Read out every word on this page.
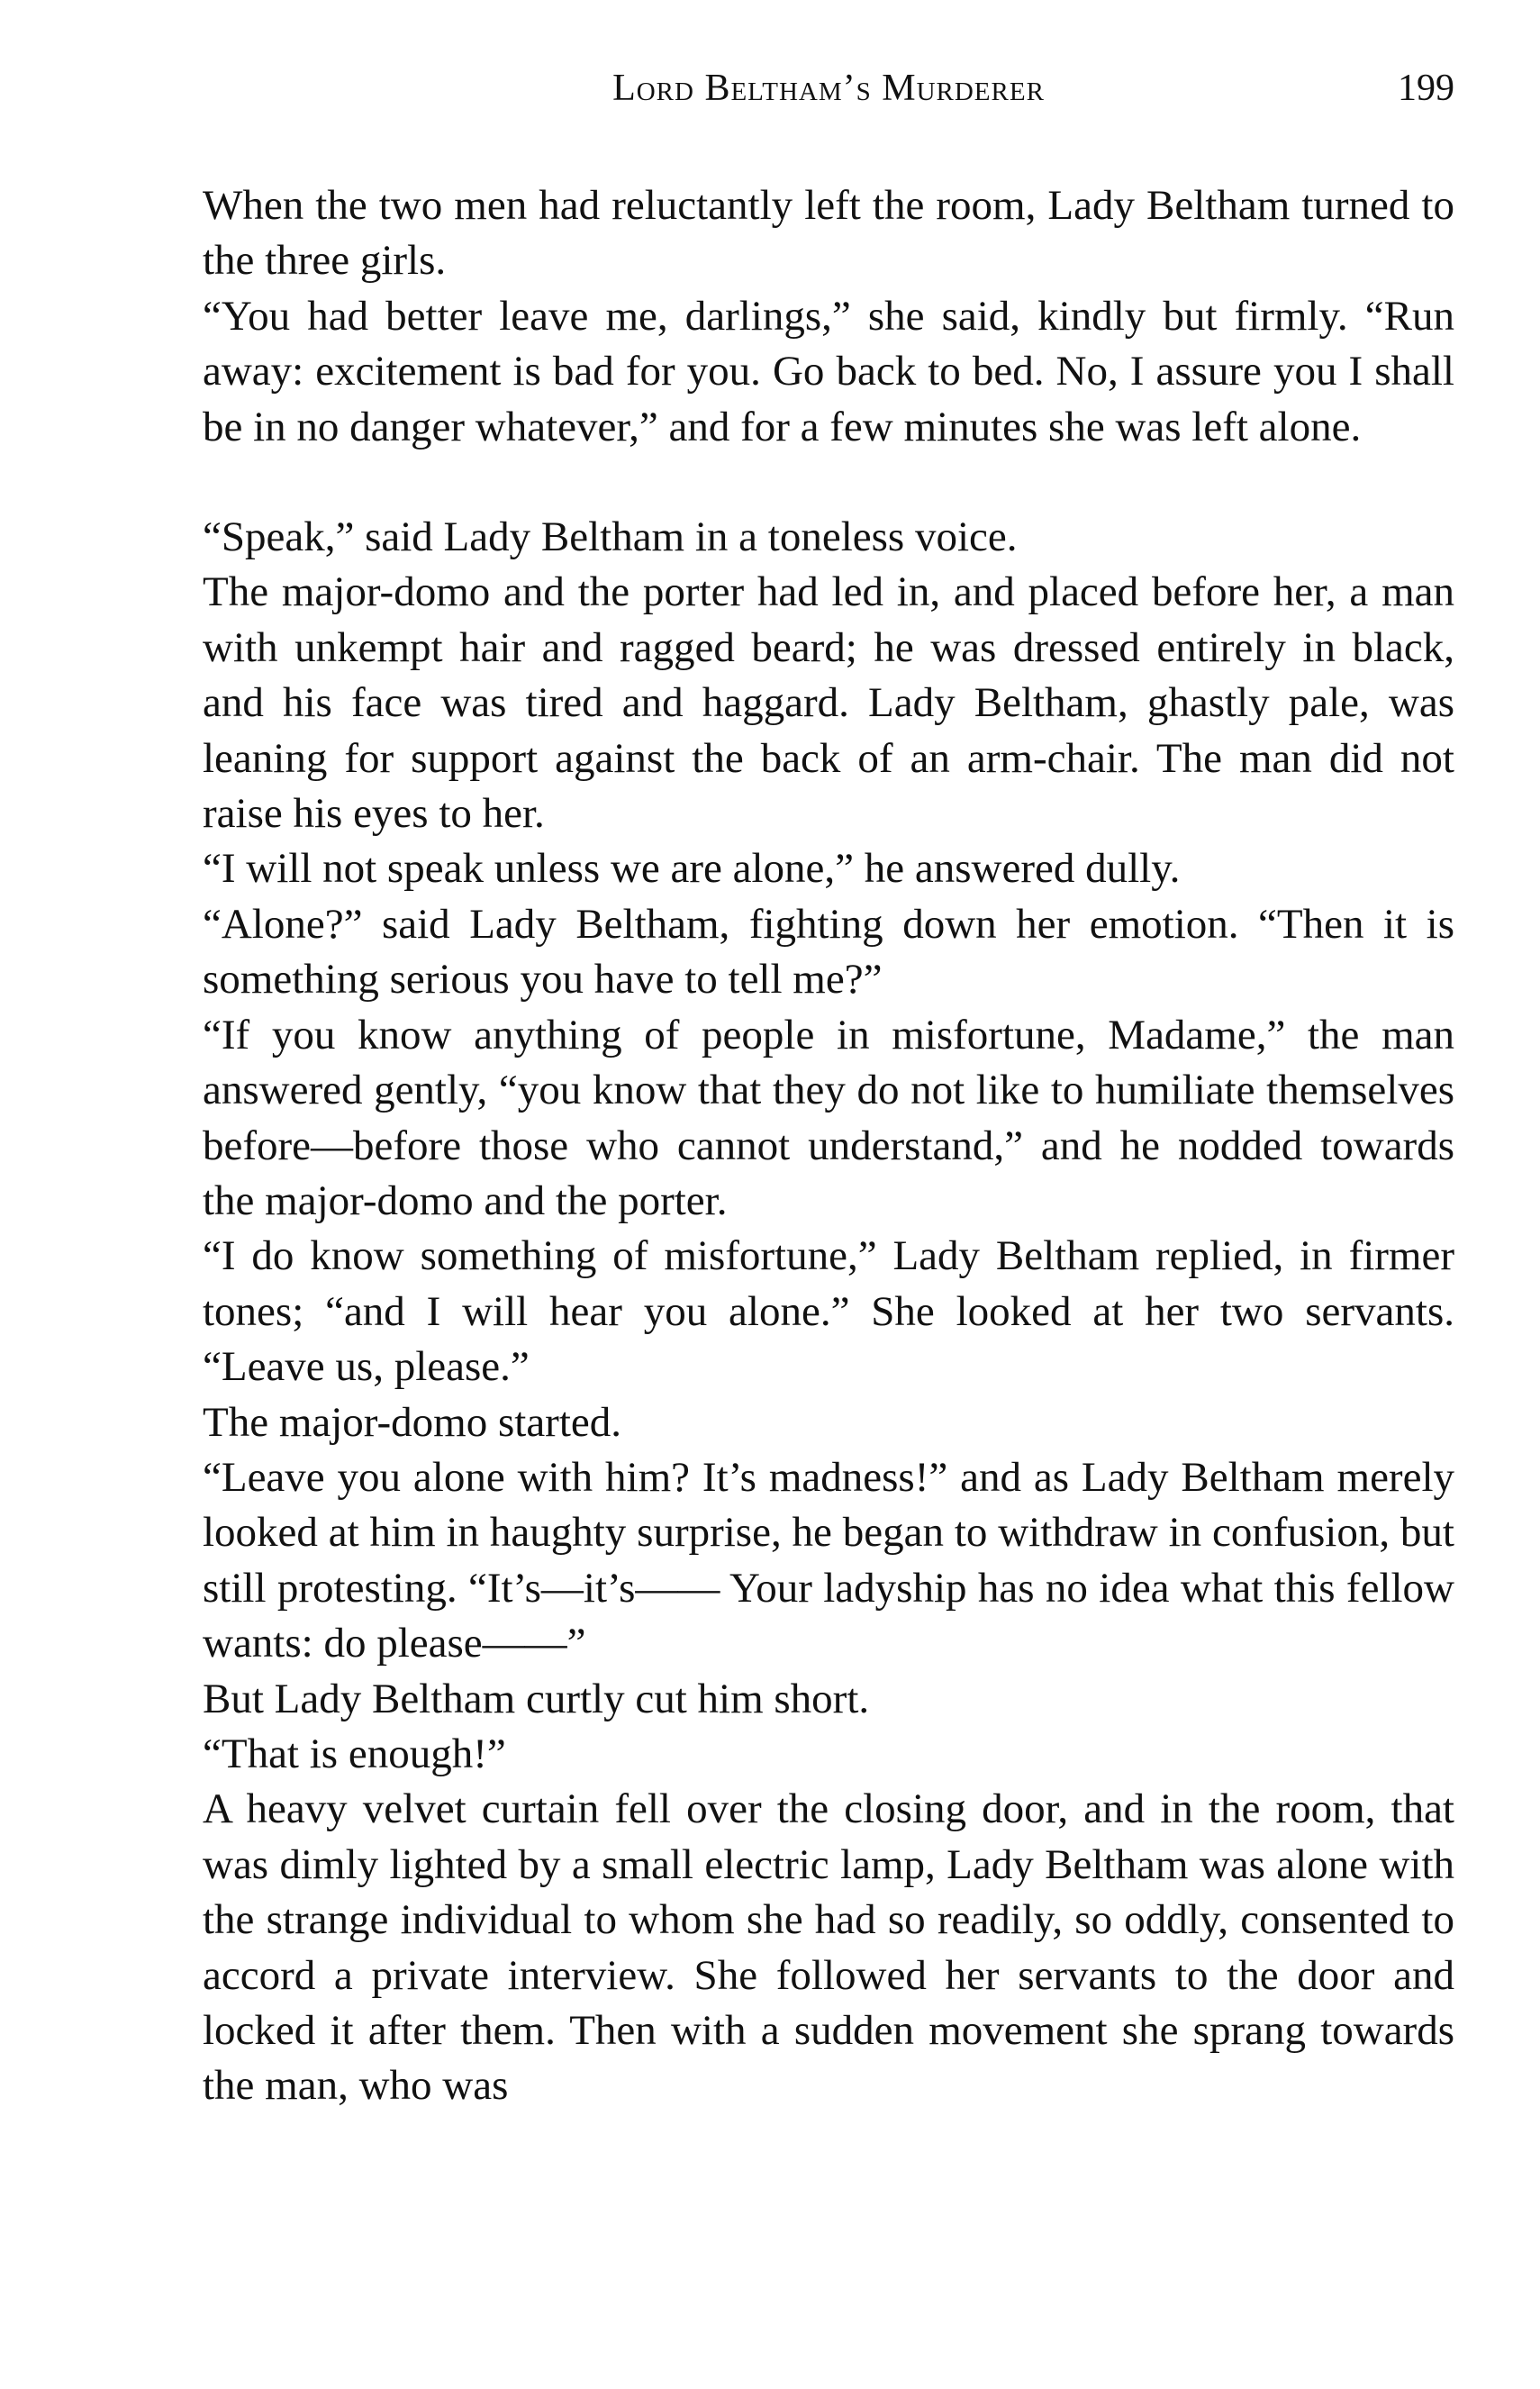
Lord Beltham’s Murderer	199

When the two men had reluctantly left the room, Lady Beltham turned to the three girls.

“You had better leave me, darlings,” she said, kindly but firmly. “Run away: excitement is bad for you. Go back to bed. No, I assure you I shall be in no danger whatever,” and for a few minutes she was left alone.

“Speak,” said Lady Beltham in a toneless voice.

The major-domo and the porter had led in, and placed before her, a man with unkempt hair and ragged beard; he was dressed entirely in black, and his face was tired and haggard. Lady Beltham, ghastly pale, was leaning for support against the back of an arm-chair. The man did not raise his eyes to her.

“I will not speak unless we are alone,” he answered dully.

“Alone?” said Lady Beltham, fighting down her emotion. “Then it is something serious you have to tell me?”

“If you know anything of people in misfortune, Madame,” the man answered gently, “you know that they do not like to humiliate themselves before—before those who cannot understand,” and he nodded towards the major-domo and the porter.

“I do know something of misfortune,” Lady Beltham replied, in firmer tones; “and I will hear you alone.” She looked at her two servants. “Leave us, please.”

The major-domo started.

“Leave you alone with him? It’s madness!” and as Lady Beltham merely looked at him in haughty surprise, he began to withdraw in confusion, but still protesting. “It’s—it’s—— Your ladyship has no idea what this fellow wants: do please——”

But Lady Beltham curtly cut him short.

“That is enough!”

A heavy velvet curtain fell over the closing door, and in the room, that was dimly lighted by a small electric lamp, Lady Beltham was alone with the strange individual to whom she had so readily, so oddly, consented to accord a private interview. She followed her servants to the door and locked it after them. Then with a sudden movement she sprang towards the man, who was
